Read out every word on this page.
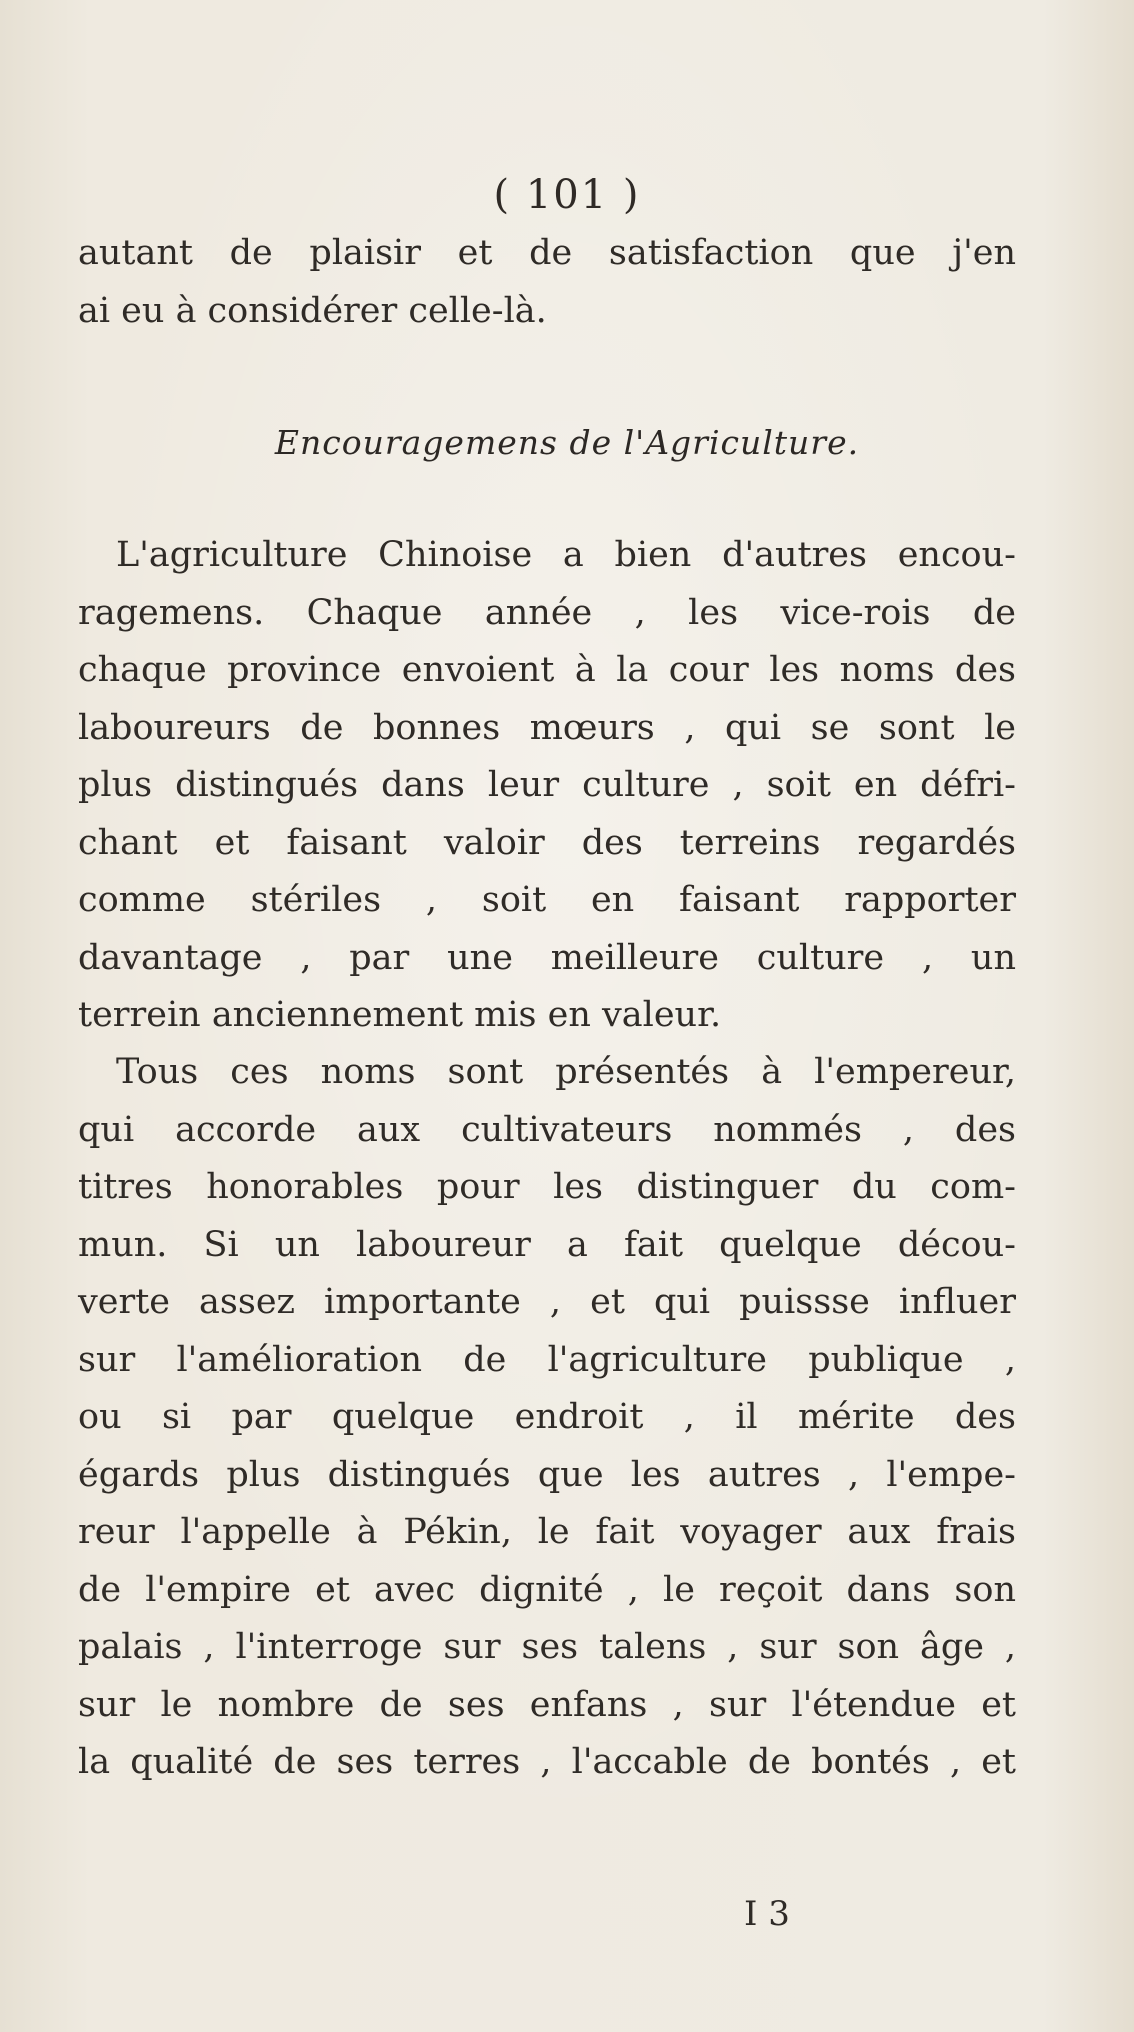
( 101 )
autant de plaisir et de satisfaction que j'en
ai eu à considérer celle-là.
Encouragemens de l'Agriculture.
L'agriculture Chinoise a bien d'autres encou-
ragemens. Chaque année , les vice-rois de
chaque province envoient à la cour les noms des
laboureurs de bonnes mœurs , qui se sont le
plus distingués dans leur culture , soit en défri-
chant et faisant valoir des terreins regardés
comme stériles , soit en faisant rapporter
davantage , par une meilleure culture , un
terrein anciennement mis en valeur.
Tous ces noms sont présentés à l'empereur,
qui accorde aux cultivateurs nommés , des
titres honorables pour les distinguer du com-
mun. Si un laboureur a fait quelque décou-
verte assez importante , et qui puissse influer
sur l'amélioration de l'agriculture publique ,
ou si par quelque endroit , il mérite des
égards plus distingués que les autres , l'empe-
reur l'appelle à Pékin, le fait voyager aux frais
de l'empire et avec dignité , le reçoit dans son
palais , l'interroge sur ses talens , sur son âge ,
sur le nombre de ses enfans , sur l'étendue et
la qualité de ses terres , l'accable de bontés , et
I 3
